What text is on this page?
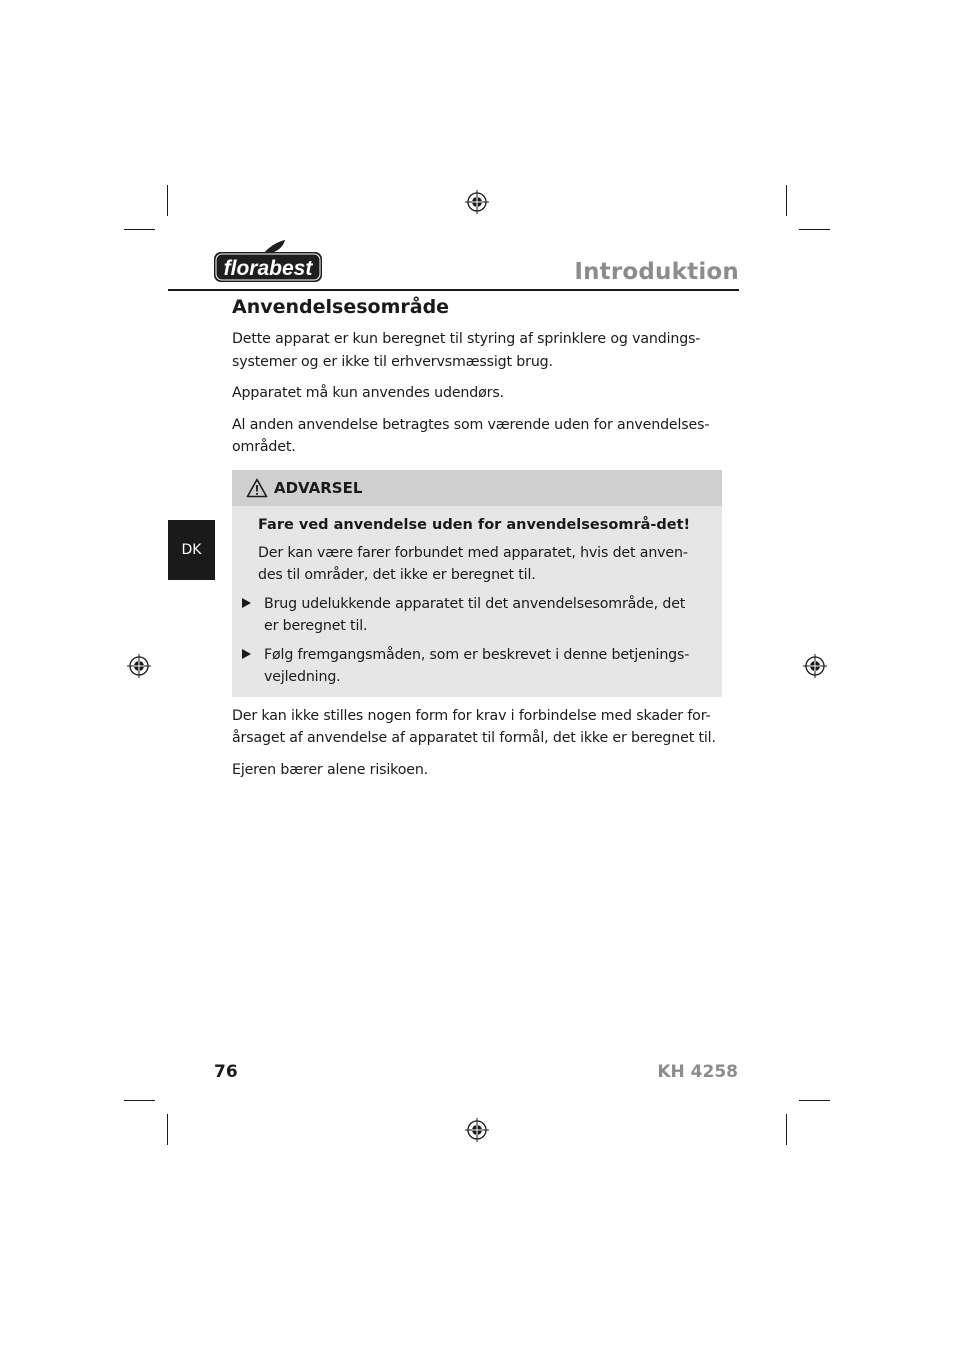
florabest	Introduktion
DK
Anvendelsesområde

Dette apparat er kun beregnet til styring af sprinklere og vandings-systemer og er ikke til erhvervsmæssigt brug.

Apparatet må kun anvendes udendørs.

Al anden anvendelse betragtes som værende uden for anvendelses-området.

ADVARSEL

Fare ved anvendelse uden for anvendelsesområ-det!

Der kan være farer forbundet med apparatet, hvis det anven-des til områder, det ikke er beregnet til.

Brug udelukkende apparatet til det anvendelsesområde, det er beregnet til.
Følg fremgangsmåden, som er beskrevet i denne betjenings-vejledning.

Der kan ikke stilles nogen form for krav i forbindelse med skader for-årsaget af anvendelse af apparatet til formål, det ikke er beregnet til.

Ejeren bærer alene risikoen.

76	KH 4258
